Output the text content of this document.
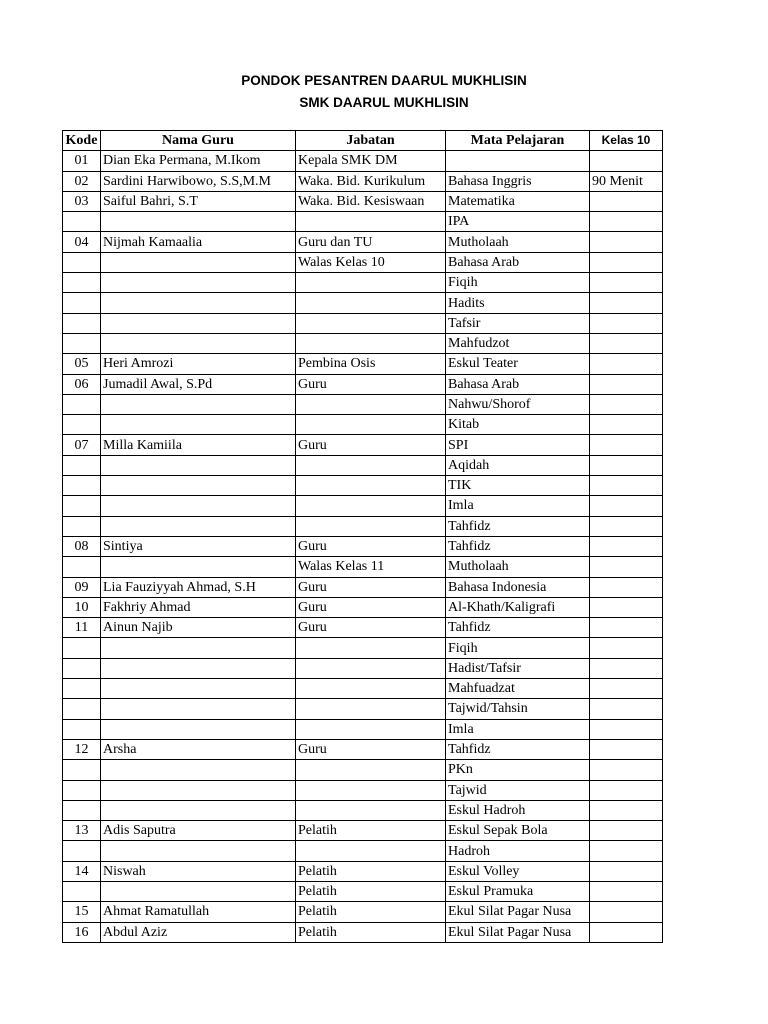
PONDOK PESANTREN DAARUL MUKHLISIN
SMK DAARUL MUKHLISIN
Kode	Nama Guru	Jabatan	Mata Pelajaran	Kelas 10
01	Dian Eka Permana, M.Ikom	Kepala SMK DM		
02	Sardini Harwibowo, S.S,M.M	Waka. Bid. Kurikulum	Bahasa Inggris	90 Menit
03	Saiful Bahri, S.T	Waka. Bid. Kesiswaan	Matematika	
			IPA	
04	Nijmah Kamaalia	Guru dan TU	Mutholaah	
		Walas Kelas 10	Bahasa Arab	
			Fiqih	
			Hadits	
			Tafsir	
			Mahfudzot	
05	Heri Amrozi	Pembina Osis	Eskul Teater	
06	Jumadil Awal, S.Pd	Guru	Bahasa Arab	
			Nahwu/Shorof	
			Kitab	
07	Milla Kamiila	Guru	SPI	
			Aqidah	
			TIK	
			Imla	
			Tahfidz	
08	Sintiya	Guru	Tahfidz	
		Walas Kelas 11	Mutholaah	
09	Lia Fauziyyah Ahmad, S.H	Guru	Bahasa Indonesia	
10	Fakhriy Ahmad	Guru	Al-Khath/Kaligrafi	
11	Ainun Najib	Guru	Tahfidz	
			Fiqih	
			Hadist/Tafsir	
			Mahfuadzat	
			Tajwid/Tahsin	
			Imla	
12	Arsha	Guru	Tahfidz	
			PKn	
			Tajwid	
			Eskul Hadroh	
13	Adis Saputra	Pelatih	Eskul Sepak Bola	
			Hadroh	
14	Niswah	Pelatih	Eskul Volley	
		Pelatih	Eskul Pramuka	
15	Ahmat Ramatullah	Pelatih	Ekul Silat Pagar Nusa	
16	Abdul Aziz	Pelatih	Ekul Silat Pagar Nusa	
